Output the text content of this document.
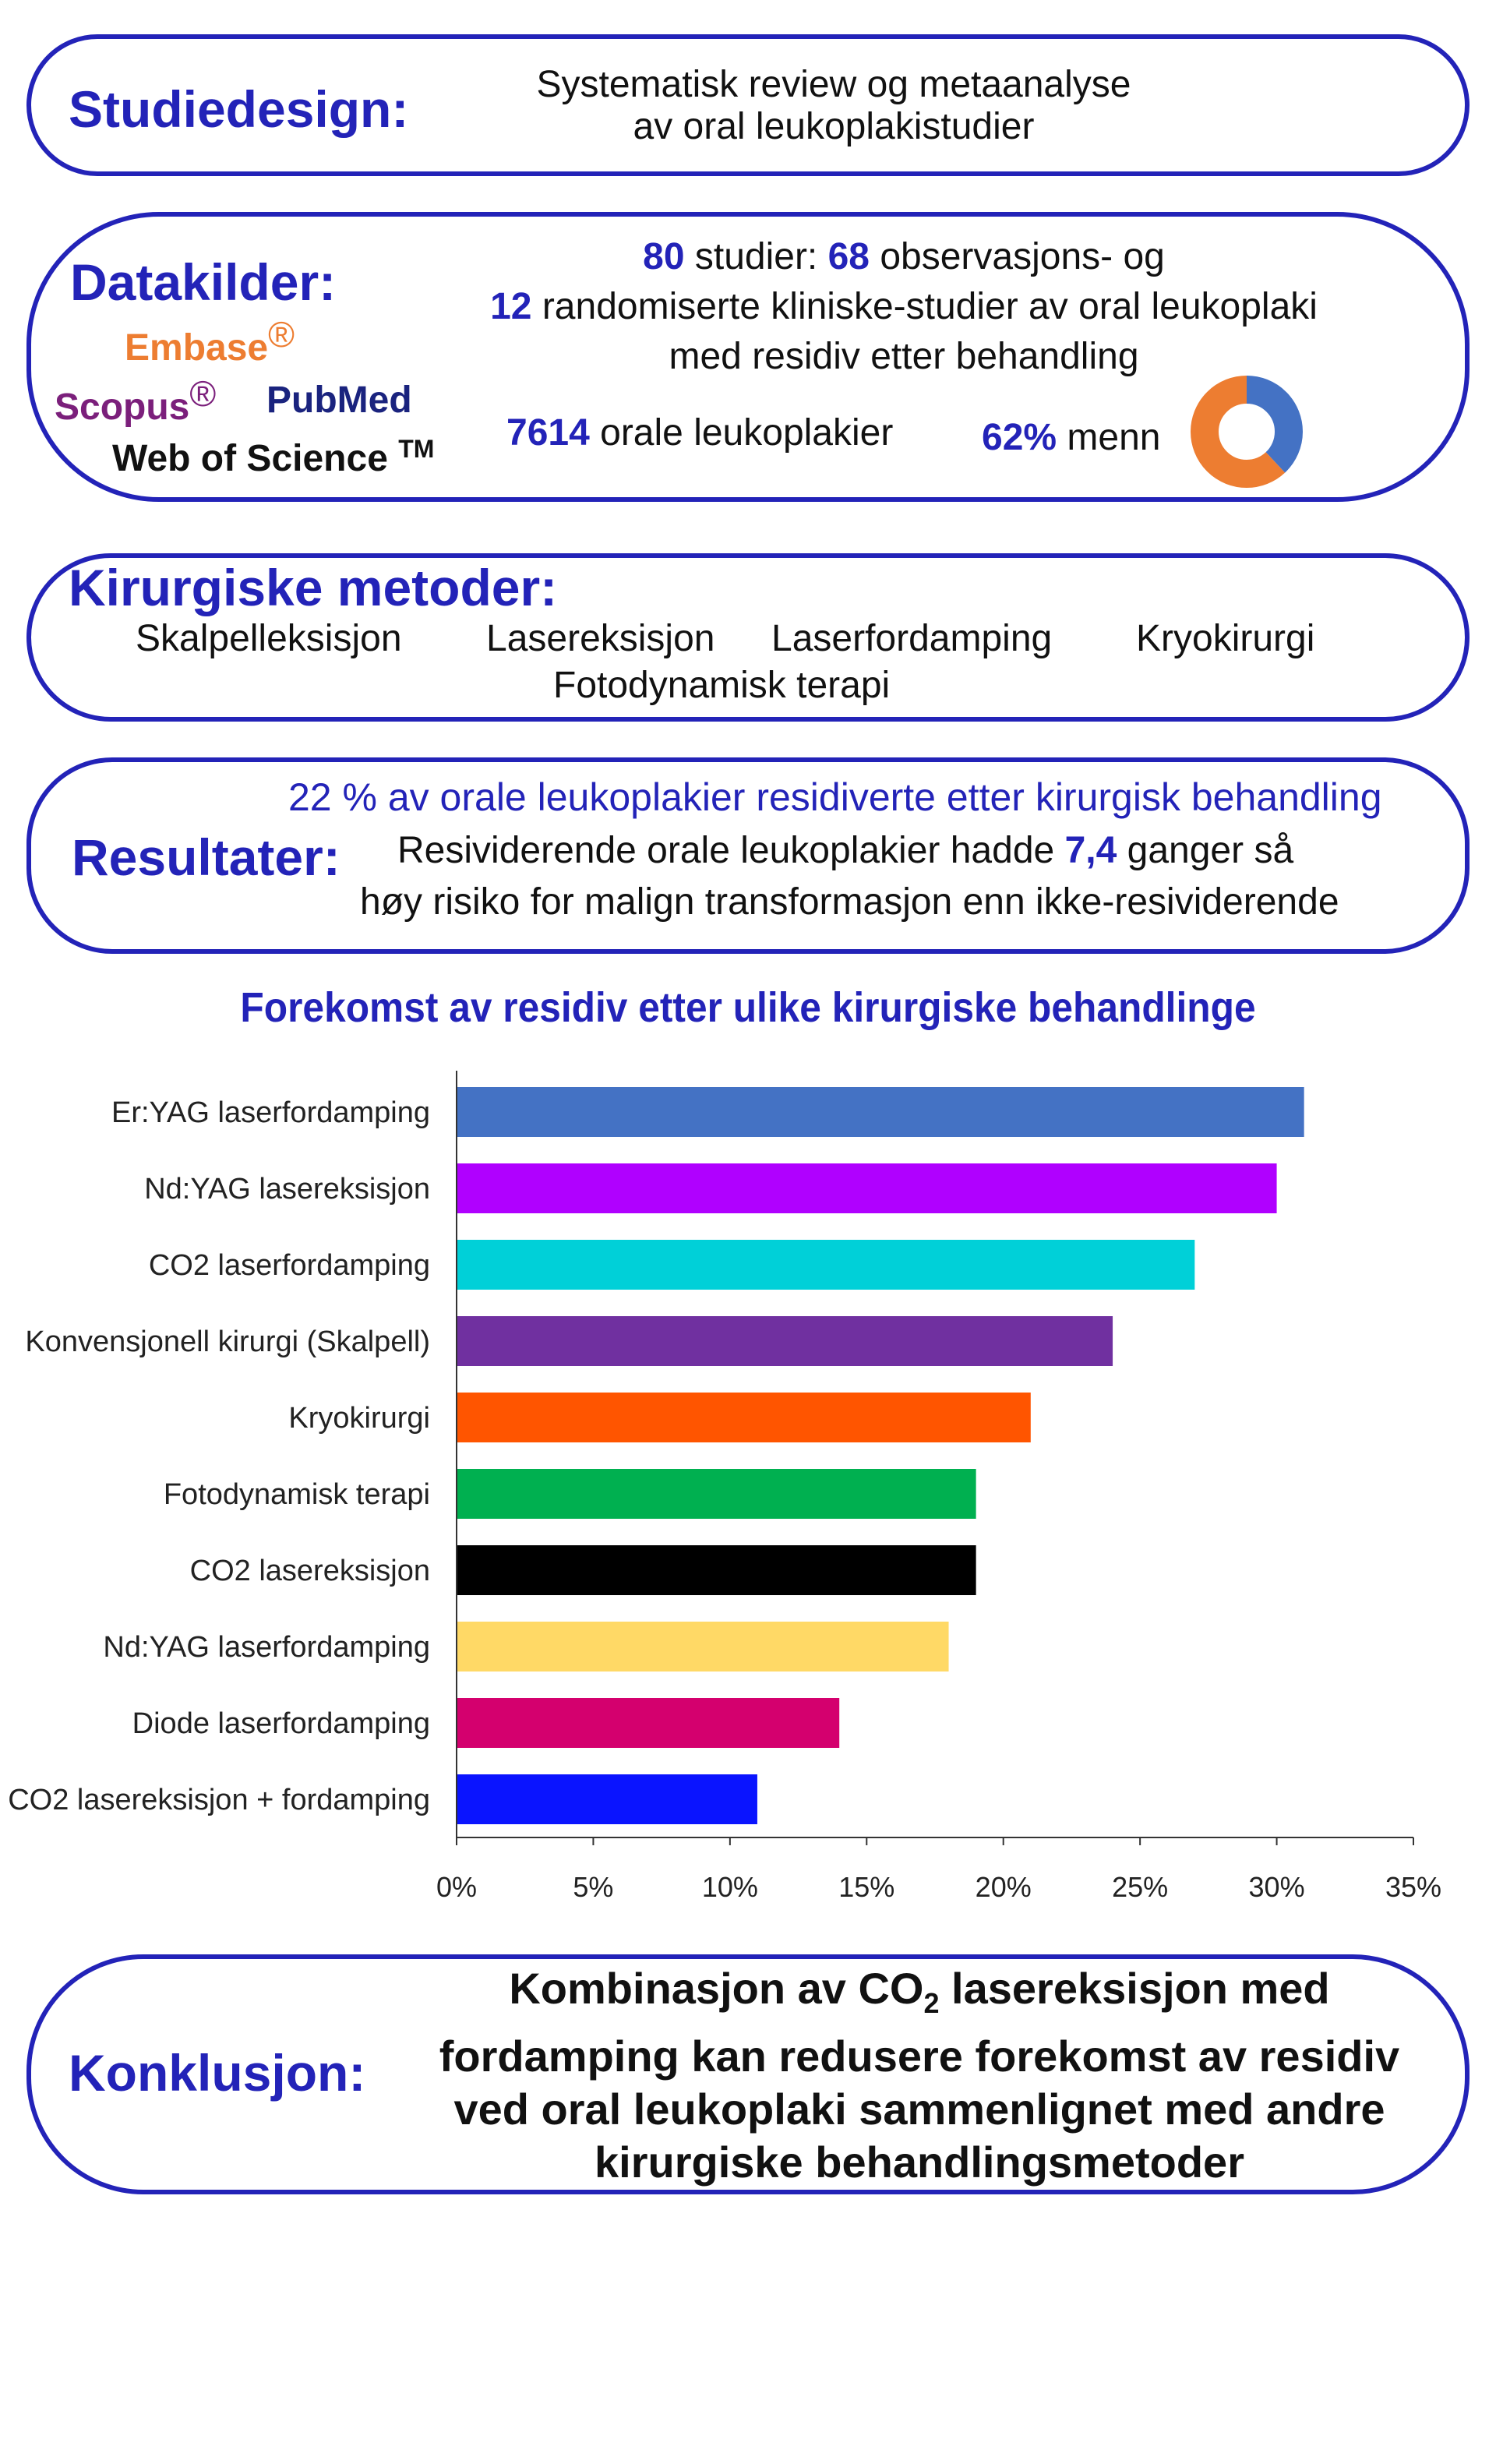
Studiedesign:	Systematisk review og metaanalyse
av oral leukoplakistudier
Datakilder:
Embase®
Scopus® PubMed
Web of Science ™
80 studier: 68 observasjons- og
12 randomiserte kliniske-studier av oral leukoplaki
med residiv etter behandling
7614 orale leukoplakier 62% menn
Kirurgiske metoder:
Skalpelleksisjon Lasereksisjon Laserfordamping Kryokirurgi
Fotodynamisk terapi
22 % av orale leukoplakier residiverte etter kirurgisk behandling
Resultater: Resividerende orale leukoplakier hadde 7,4 ganger så
høy risiko for malign transformasjon enn ikke-resividerende
Forekomst av residiv etter ulike kirurgiske behandlinge
Er:YAG laserfordamping
Nd:YAG lasereksisjon
CO2 laserfordamping
Konvensjonell kirurgi (Skalpell)
Kryokirurgi
Fotodynamisk terapi
CO2 lasereksisjon
Nd:YAG laserfordamping
Diode laserfordamping
CO2 lasereksisjon + fordamping
0%	5%	10%	15%	20%	25%	30%	35%
Konklusjon:
Kombinasjon av $CO_2$ lasereksisjon med
fordamping kan redusere forekomst av residiv
ved oral leukoplaki sammenlignet med andre
kirurgiske behandlingsmetoder
